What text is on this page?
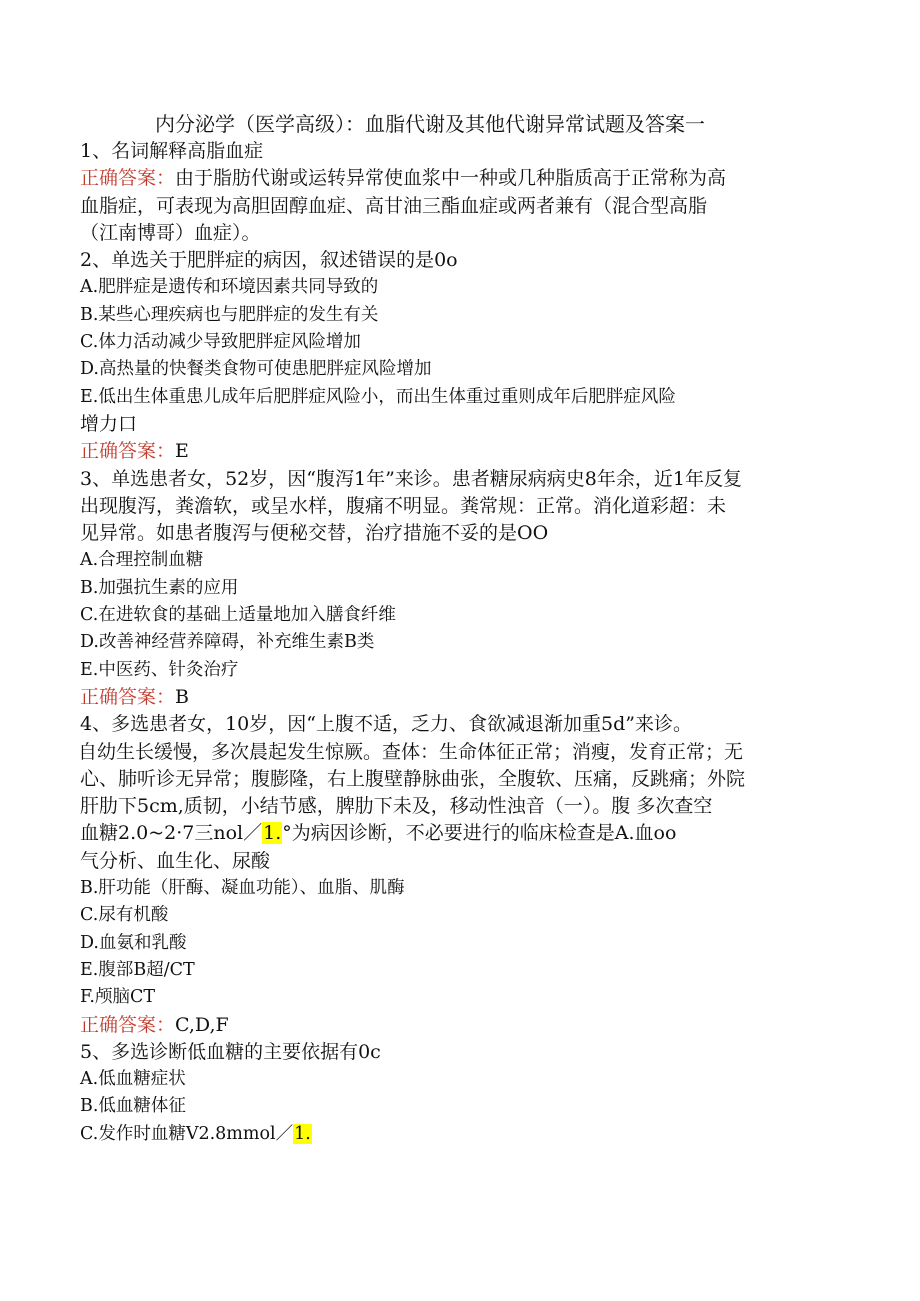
内分泌学（医学高级）：血脂代谢及其他代谢异常试题及答案一
1、名词解释高脂血症
正确答案：由于脂肪代谢或运转异常使血浆中一种或几种脂质高于正常称为高
血脂症，可表现为高胆固醇血症、高甘油三酯血症或两者兼有（混合型高脂
（江南博哥）血症）。
2、单选关于肥胖症的病因，叙述错误的是0o
A.肥胖症是遗传和环境因素共同导致的
B.某些心理疾病也与肥胖症的发生有关
C.体力活动减少导致肥胖症风险增加
D.高热量的快餐类食物可使患肥胖症风险增加
E.低出生体重患儿成年后肥胖症风险小，而出生体重过重则成年后肥胖症风险
增力口
正确答案：E
3、单选患者女，52岁，因“腹泻1年”来诊。患者糖尿病病史8年余，近1年反复
出现腹泻，粪澹软，或呈水样，腹痛不明显。粪常规：正常。消化道彩超：未
见异常。如患者腹泻与便秘交替，治疗措施不妥的是OO
A.合理控制血糖
B.加强抗生素的应用
C.在进软食的基础上适量地加入膳食纤维
D.改善神经营养障碍，补充维生素B类
E.中医药、针灸治疗
正确答案：B
4、多选患者女，10岁，因“上腹不适，乏力、食欲减退渐加重5d”来诊。
自幼生长缓慢，多次晨起发生惊厥。查体：生命体征正常；消瘦，发育正常；无
心、肺听诊无异常；腹膨隆，右上腹壁静脉曲张，全腹软、压痛，反跳痛；外院
肝肋下5cm,质韧，小结节感，脾肋下未及，移动性浊音（一）。腹 多次查空
血糖2.0~2·7三nol／1.°为病因诊断，不必要进行的临床检查是A.血oo
气分析、血生化、尿酸
B.肝功能（肝酶、凝血功能）、血脂、肌酶
C.尿有机酸
D.血氨和乳酸
E.腹部B超/CT
F.颅脑CT
正确答案：C,D,F
5、多选诊断低血糖的主要依据有0c
A.低血糖症状
B.低血糖体征
C.发作时血糖V2.8mmol／1.
